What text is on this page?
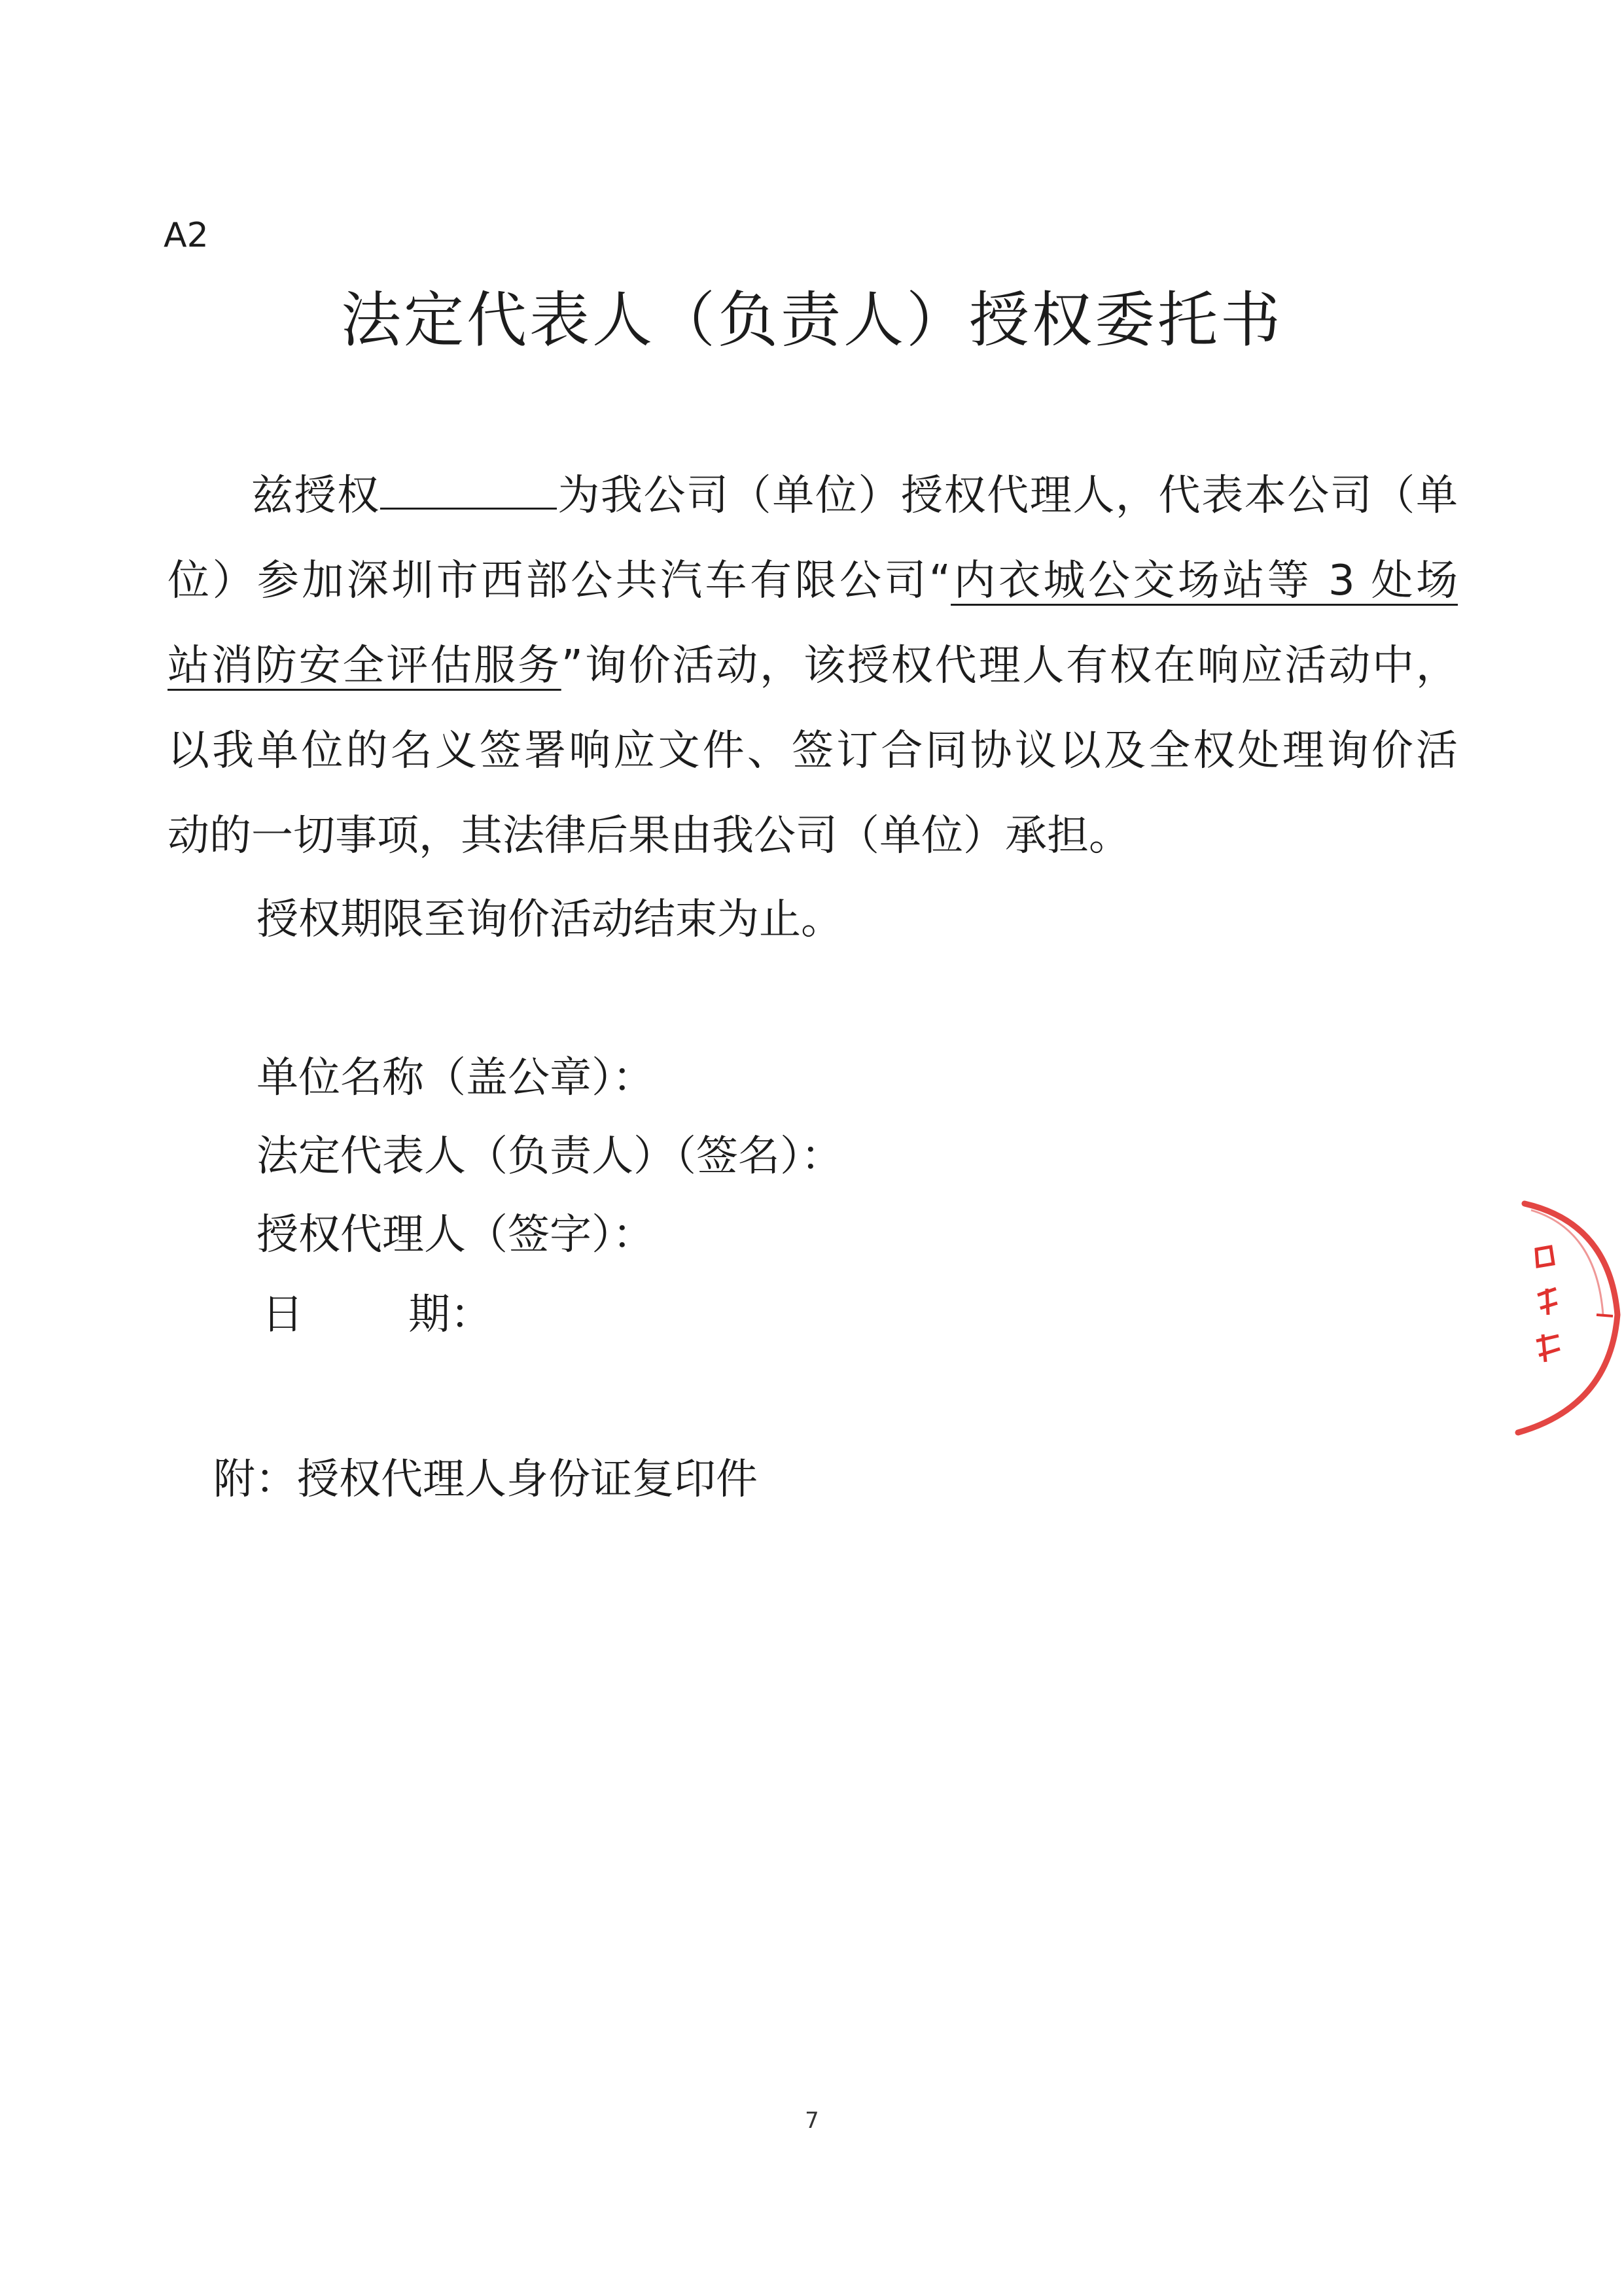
A2
法定代表人（负责人）授权委托书
兹授权	为我公司（单位）授权代理人，代表本公司（单
位）参加深圳市西部公共汽车有限公司“内衣城公交场站等 3 处场
站消防安全评估服务”询价活动，该授权代理人有权在响应活动中，
以我单位的名义签署响应文件、签订合同协议以及全权处理询价活
动的一切事项，其法律后果由我公司（单位）承担。
授权期限至询价活动结束为止。
单位名称（盖公章）：
法定代表人（负责人）（签名）：
授权代理人（签字）：
日	期：
附：授权代理人身份证复印件
7
